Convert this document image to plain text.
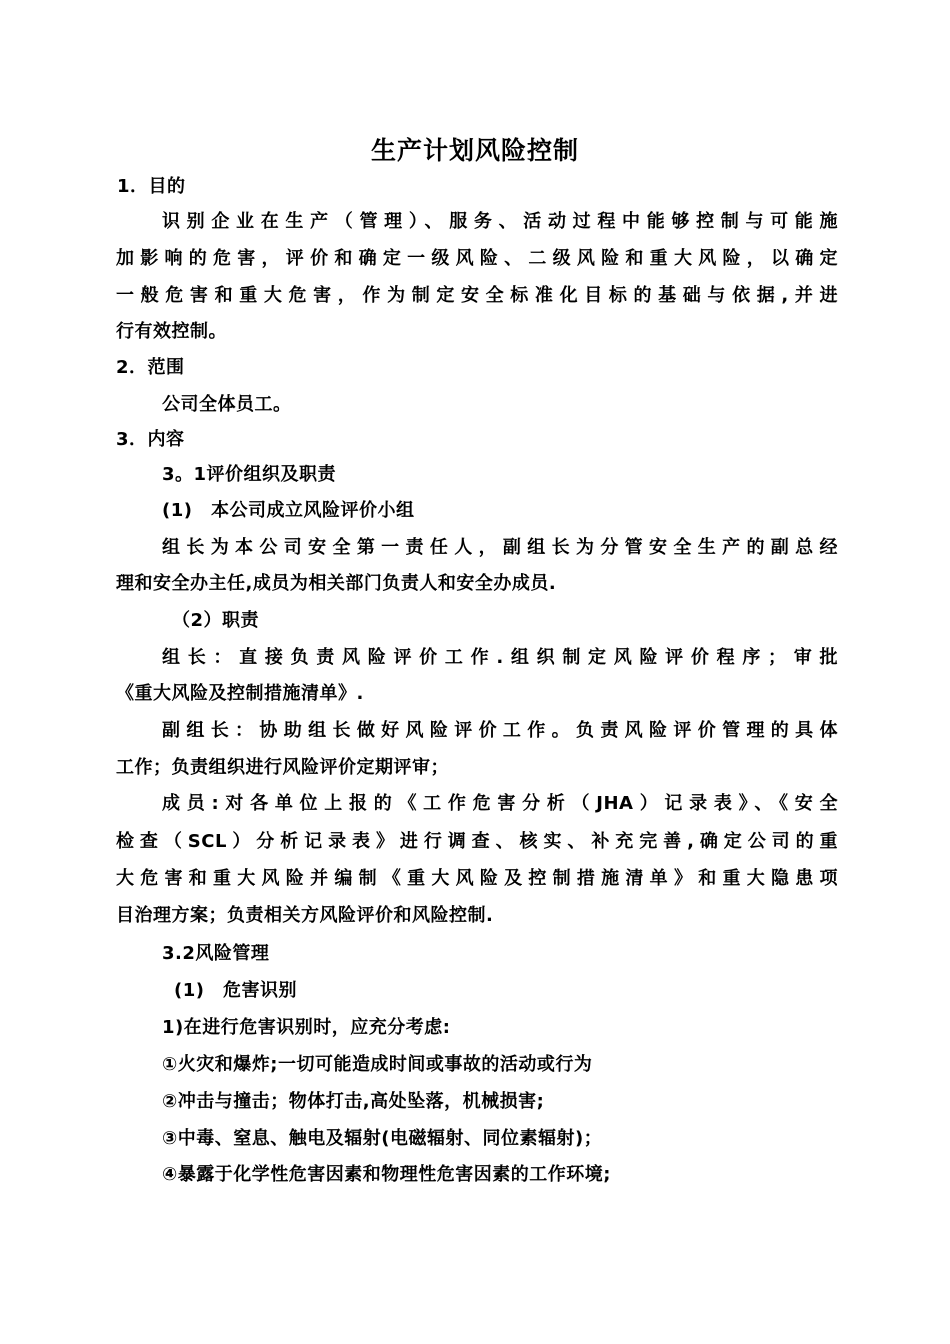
生产计划风险控制
1．目的
识别企业在生产（管理）、服务、活动过程中能够控制与可能施
加影响的危害，评价和确定一级风险、二级风险和重大风险，以确定
一般危害和重大危害，作为制定安全标准化目标的基础与依据,并进
行有效控制。
2．范围
公司全体员工。
3．内容
3。1评价组织及职责
(1)　本公司成立风险评价小组
组长为本公司安全第一责任人，副组长为分管安全生产的副总经
理和安全办主任,成员为相关部门负责人和安全办成员.
（2）职责
组长：直接负责风险评价工作.组织制定风险评价程序；审批
《重大风险及控制措施清单》.
副组长：协助组长做好风险评价工作。负责风险评价管理的具体
工作；负责组织进行风险评价定期评审；
成员:对各单位上报的《工作危害分析（JHA）记录表》、《安全
检查（SCL）分析记录表》进行调查、核实、补充完善,确定公司的重
大危害和重大风险并编制《重大风险及控制措施清单》和重大隐患项
目治理方案；负责相关方风险评价和风险控制.
3.2风险管理
(1)　危害识别
1)在进行危害识别时，应充分考虑:
①火灾和爆炸;一切可能造成时间或事故的活动或行为
②冲击与撞击；物体打击,高处坠落，机械损害;
③中毒、窒息、触电及辐射(电磁辐射、同位素辐射)；
④暴露于化学性危害因素和物理性危害因素的工作环境;
